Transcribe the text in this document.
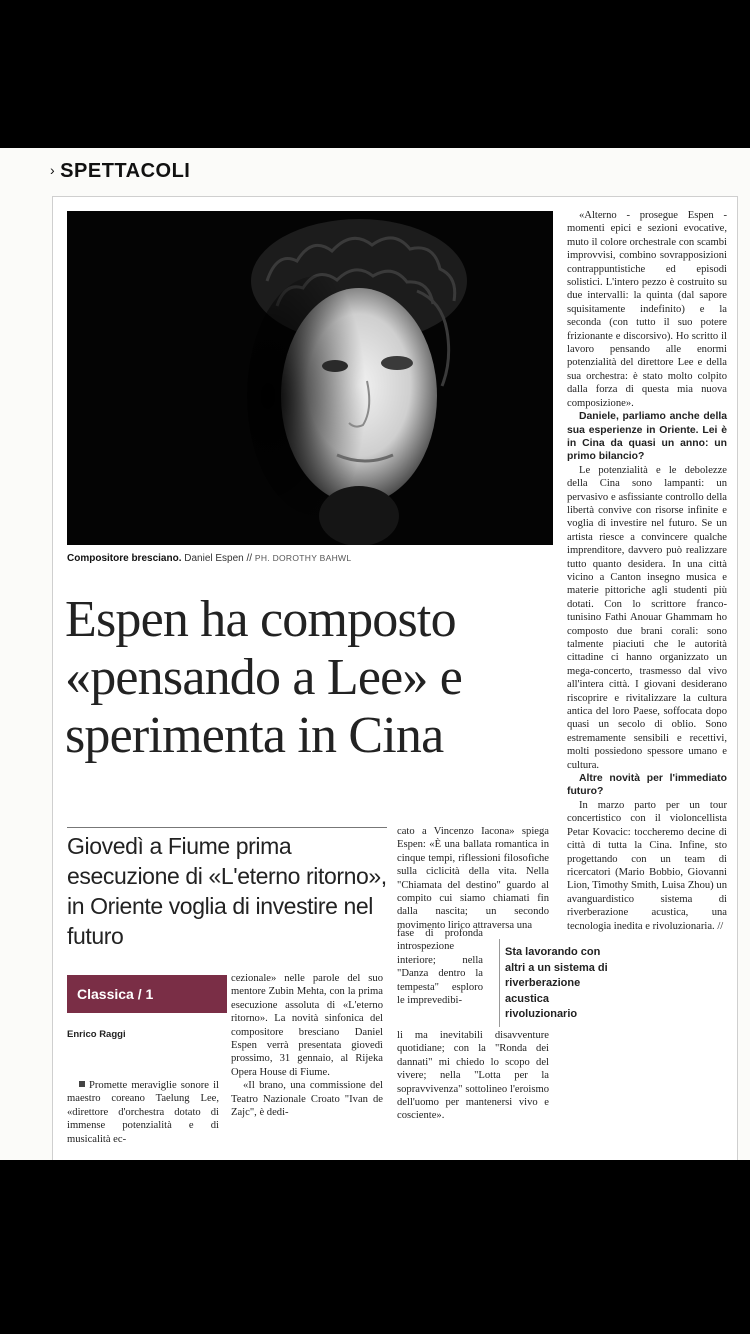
› SPETTACOLI
Compositore bresciano. Daniel Espen // PH. DOROTHY BAHWL
Espen ha composto
«pensando a Lee» e
sperimenta in Cina
Giovedì a Fiume prima esecuzione di «L'eterno ritorno», in Oriente voglia di investire nel futuro
Classica / 1
Enrico Raggi

Promette meraviglie sonore il maestro coreano Taelung Lee, «direttore d'orchestra dotato di immense potenzialità e di musicalità ec-

cezionale» nelle parole del suo mentore Zubin Mehta, con la prima esecuzione assoluta di «L'eterno ritorno». La novità sinfonica del compositore bresciano Daniel Espen verrà presentata giovedì prossimo, 31 gennaio, al Rijeka Opera House di Fiume.

«Il brano, una commissione del Teatro Nazionale Croato "Ivan de Zajc", è dedi-

cato a Vincenzo Iacona» spiega Espen: «È una ballata romantica in cinque tempi, riflessioni filosofiche sulla ciclicità della vita. Nella "Chiamata del destino" guardo al compito cui siamo chiamati fin dalla nascita; un secondo movimento lirico attraversa una

fase di profonda introspezione interiore; nella "Danza dentro la tempesta" esploro le imprevedibi-

Sta lavorando con altri a un sistema di riverberazione acustica rivoluzionario

li ma inevitabili disavventure quotidiane; con la "Ronda dei dannati" mi chiedo lo scopo del vivere; nella "Lotta per la sopravvivenza" sottolineo l'eroismo dell'uomo per mantenersi vivo e cosciente».

«Alterno - prosegue Espen - momenti epici e sezioni evocative, muto il colore orchestrale con scambi improvvisi, combino sovrapposizioni contrappuntistiche ed episodi solistici. L'intero pezzo è costruito su due intervalli: la quinta (dal sapore squisitamente indefinito) e la seconda (con tutto il suo potere frizionante e discorsivo). Ho scritto il lavoro pensando alle enormi potenzialità del direttore Lee e della sua orchestra: è stato molto colpito dalla forza di questa mia nuova composizione».

Daniele, parliamo anche della sua esperienze in Oriente. Lei è in Cina da quasi un anno: un primo bilancio?

Le potenzialità e le debolezze della Cina sono lampanti: un pervasivo e asfissiante controllo della libertà convive con risorse infinite e voglia di investire nel futuro. Se un artista riesce a convincere qualche imprenditore, davvero può realizzare tutto quanto desidera. In una città vicino a Canton insegno musica e materie pittoriche agli studenti più dotati. Con lo scrittore franco-tunisino Fathi Anouar Ghammam ho composto due brani corali: sono talmente piaciuti che le autorità cittadine ci hanno organizzato un mega-concerto, trasmesso dal vivo all'intera città. I giovani desiderano riscoprire e rivitalizzare la cultura antica del loro Paese, soffocata dopo quasi un secolo di oblio. Sono estremamente sensibili e recettivi, molti possiedono spessore umano e cultura.

Altre novità per l'immediato futuro?

In marzo parto per un tour concertistico con il violoncellista Petar Kovacic: toccheremo decine di città di tutta la Cina. Infine, sto progettando con un team di ricercatori (Mario Bobbio, Giovanni Lion, Timothy Smith, Luisa Zhou) un avanguardistico sistema di riverberazione acustica, una tecnologia inedita e rivoluzionaria. //
